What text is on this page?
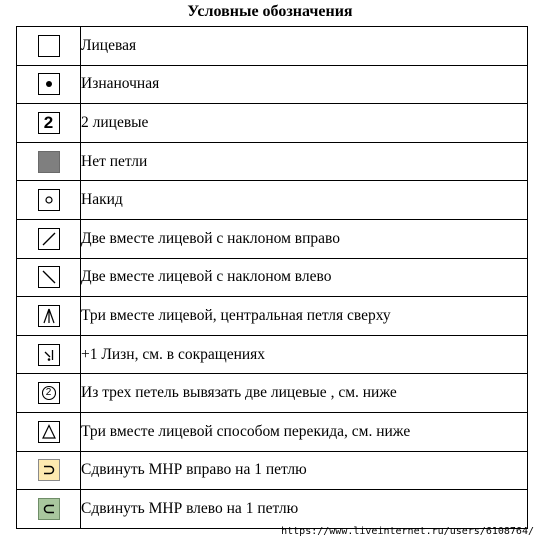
Условные обозначения
	Лицевая

	Изнаночная

2	2 лицевые
	Нет петли

	Накид

	Две вместе лицевой с наклоном вправо

	Две вместе лицевой с наклоном влево

	Три вместе лицевой, центральная петля сверху

	+1 Лизн, см. в сокращениях

2	Из трех петель вывязать две лицевые , см. ниже

	Три вместе лицевой способом перекида, см. ниже

	Сдвинуть МНР вправо на 1 петлю

	Сдвинуть МНР влево на 1 петлю
https://www.liveinternet.ru/users/6108764/
